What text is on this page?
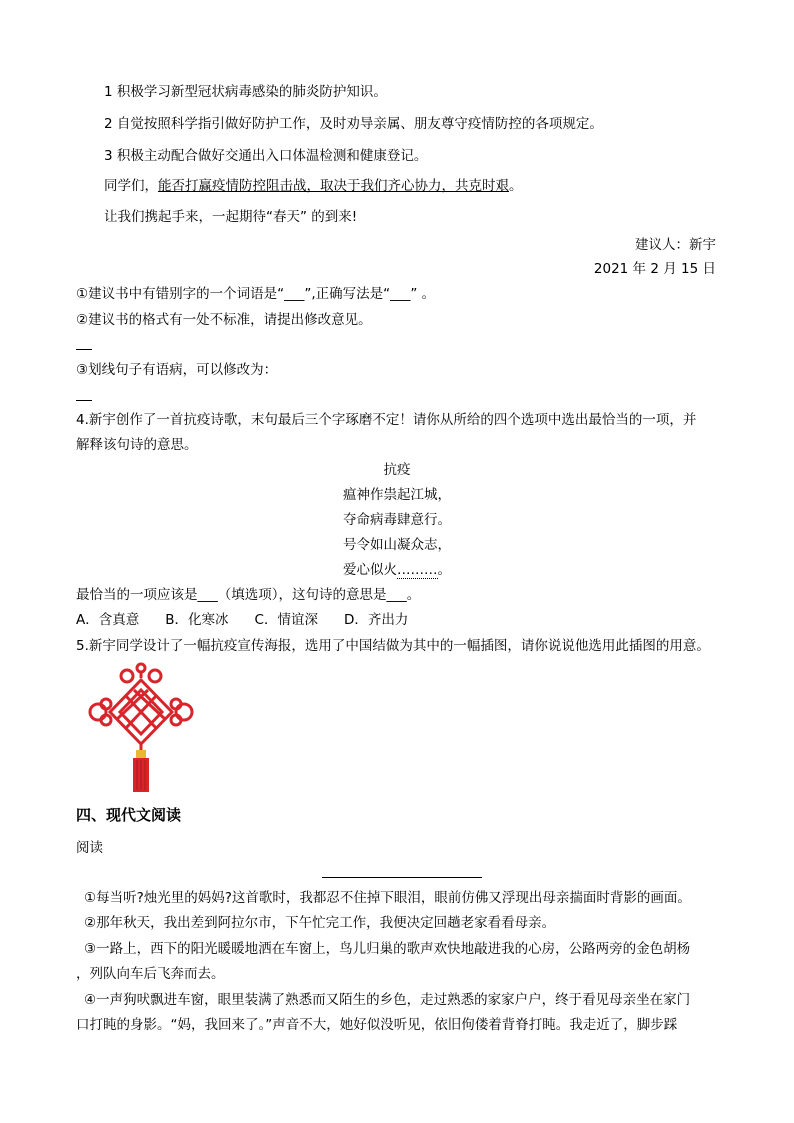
1 积极学习新型冠状病毒感染的肺炎防护知识。
2 自觉按照科学指引做好防护工作，及时劝导亲属、朋友尊守疫情防控的各项规定。
3 积极主动配合做好交通出入口体温检测和健康登记。
同学们，能否打赢疫情防控阻击战，取决于我们齐心协力，共克时艰。
让我们携起手来，一起期待“春天” 的到来!
建议人：新宇
2021 年 2 月 15 日
①建议书中有错别字的一个词语是“___”,正确写法是“___” 。
②建议书的格式有一处不标准，请提出修改意见。
③划线句子有语病，可以修改为：
4.新宇创作了一首抗疫诗歌，末句最后三个字琢磨不定！请你从所给的四个选项中选出最恰当的一项，并
解释该句诗的意思。
抗疫
瘟神作祟起江城，
夺命病毒肆意行。
号令如山凝众志，
爱心似火………。
最恰当的一项应该是___（填选项），这句诗的意思是___。
A．含真意 B．化寒冰 C．情谊深 D．齐出力
5.新宇同学设计了一幅抗疫宣传海报，选用了中国结做为其中的一幅插图，请你说说他选用此插图的用意。
四、现代文阅读
阅读
①每当听?烛光里的妈妈?这首歌时，我都忍不住掉下眼泪，眼前仿佛又浮现出母亲揣面时背影的画面。
②那年秋天，我出差到阿拉尔市，下午忙完工作，我便决定回趟老家看看母亲。
③一路上，西下的阳光暖暖地洒在车窗上，鸟儿归巢的歌声欢快地敲进我的心房，公路两旁的金色胡杨
，列队向车后飞奔而去。
④一声狗吠飘进车窗，眼里装满了熟悉而又陌生的乡色，走过熟悉的家家户户，终于看见母亲坐在家门
口打盹的身影。“妈，我回来了。”声音不大，她好似没听见，依旧佝偻着背脊打盹。我走近了，脚步踩
